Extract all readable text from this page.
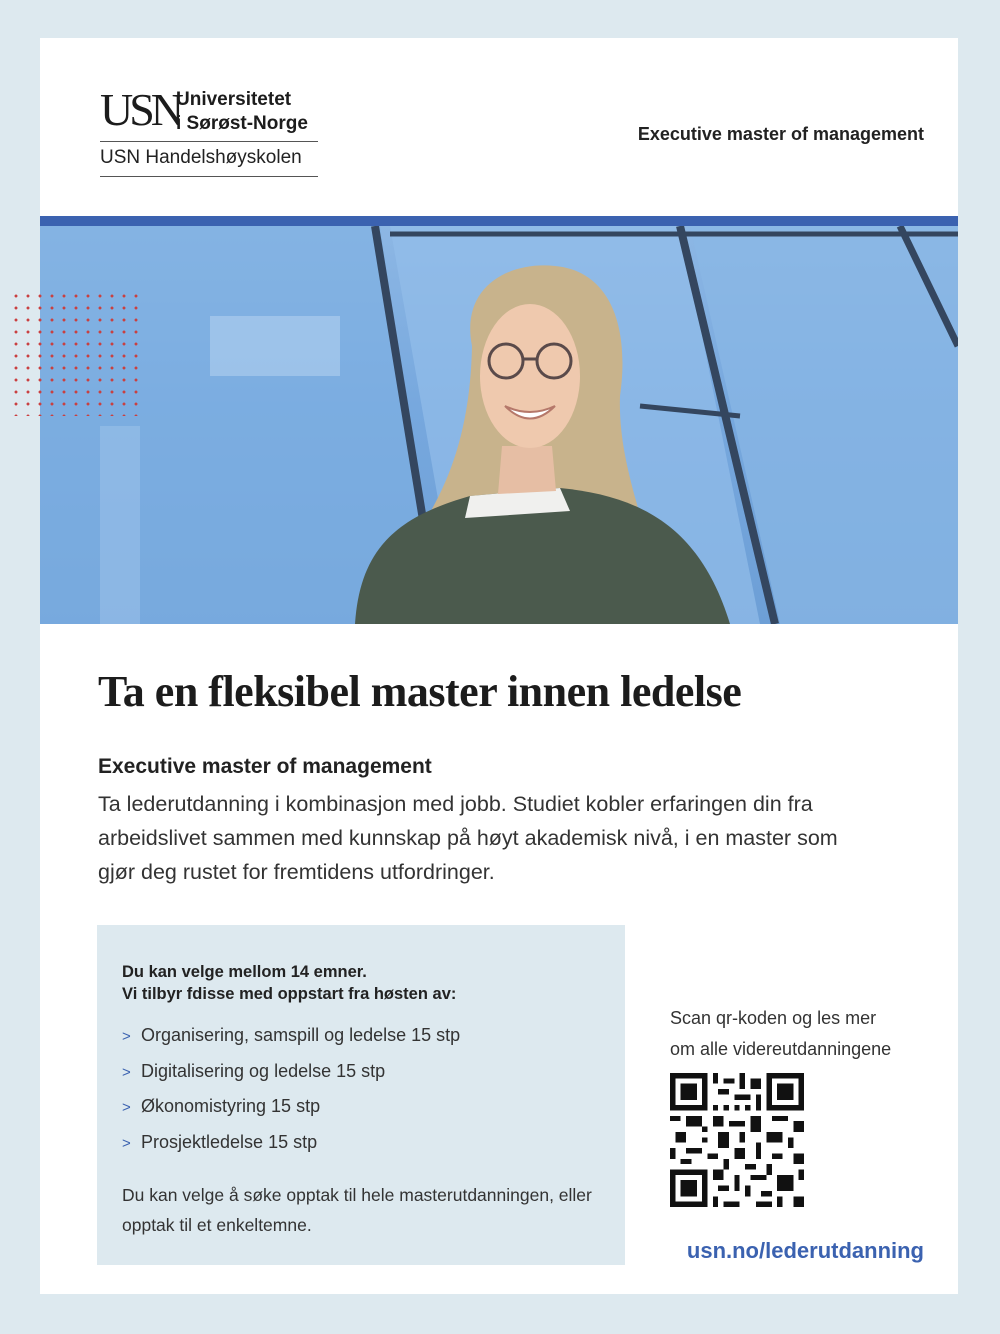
USN
Universitetet
i Sørøst-Norge
USN Handelshøyskolen
Executive master of management
Ta en fleksibel master innen ledelse
Executive master of management
Ta lederutdanning i kombinasjon med jobb. Studiet kobler erfaringen din fra arbeidslivet sammen med kunnskap på høyt akademisk nivå, i en master som gjør deg rustet for fremtidens utfordringer.
Du kan velge mellom 14 emner.
Vi tilbyr fdisse med oppstart fra høsten av:
> Organisering, samspill og ledelse 15 stp
> Digitalisering og ledelse 15 stp
> Økonomistyring 15 stp
> Prosjektledelse 15 stp
Du kan velge å søke opptak til hele masterutdanningen, eller opptak til et enkeltemne.
Scan qr-koden og les mer
om alle videreutdanningene
usn.no/lederutdanning
